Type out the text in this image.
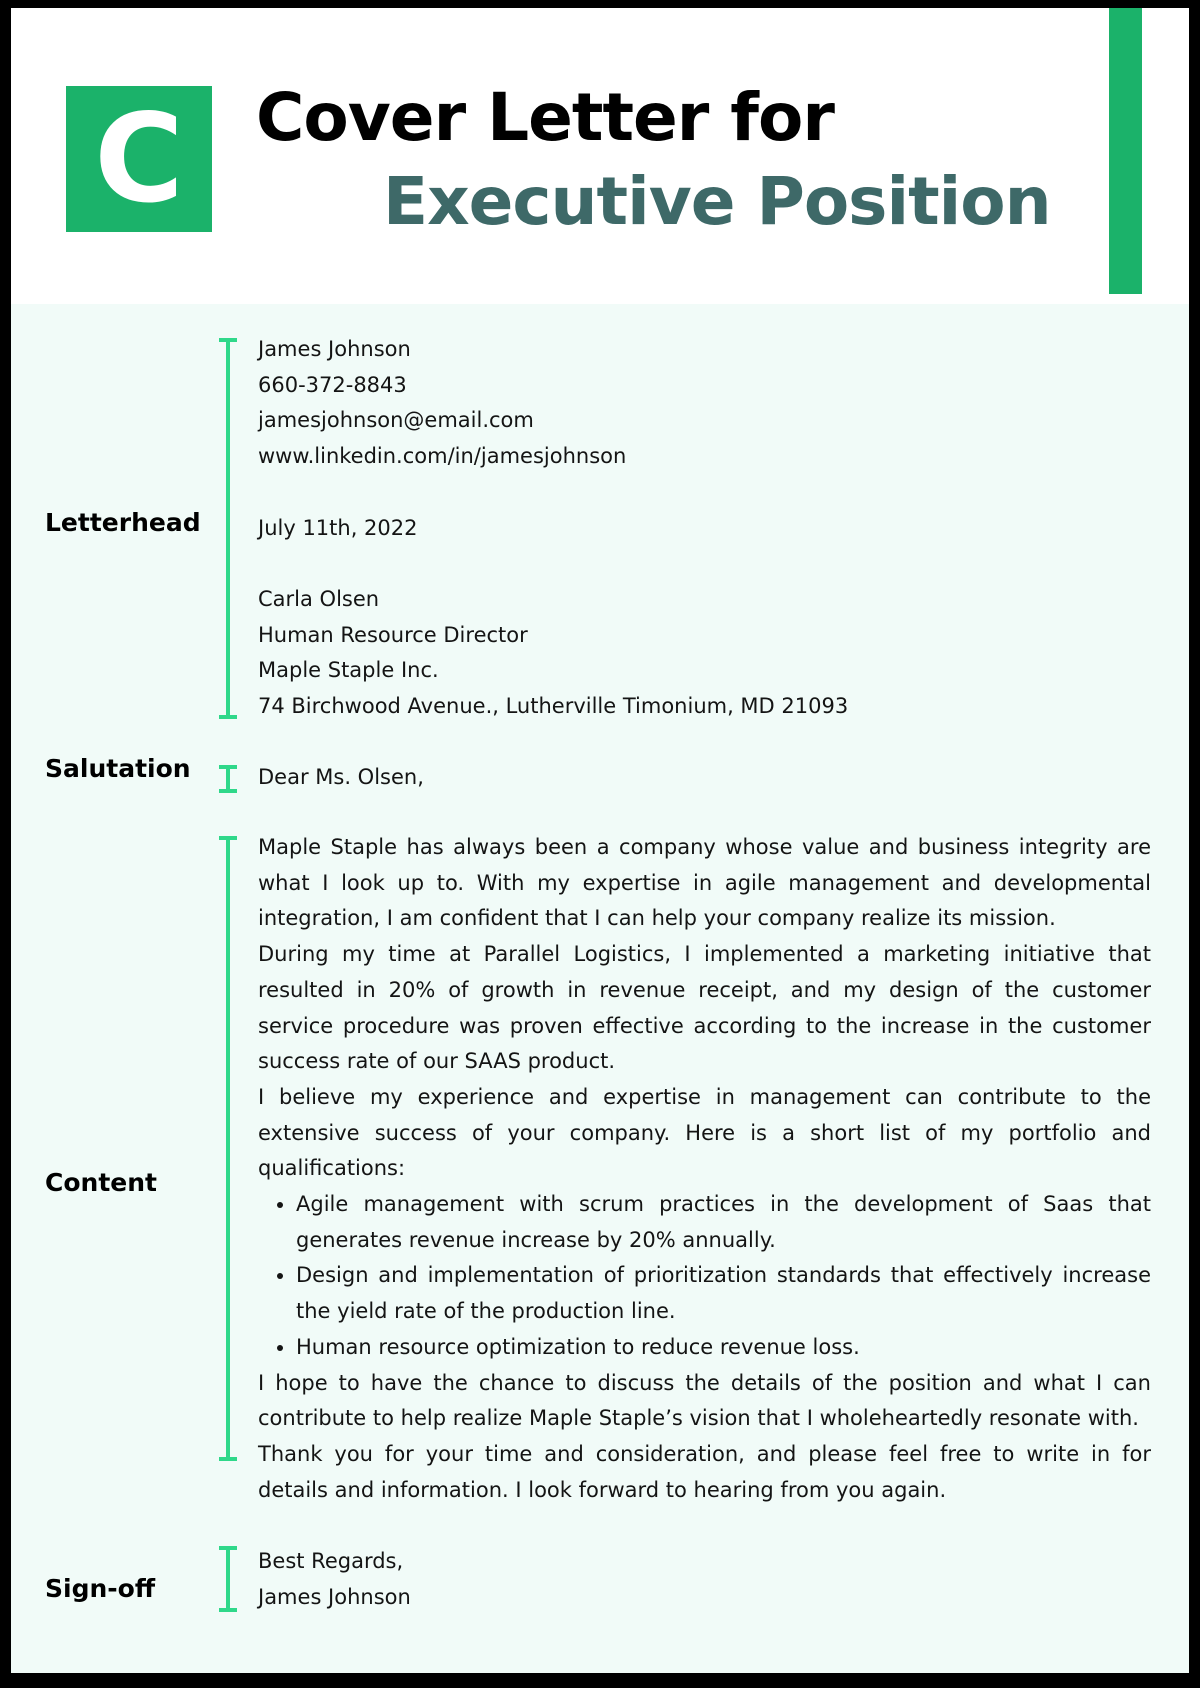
C	Cover Letter for
Executive Position
Letterhead
James Johnson
660-372-8843
jamesjohnson@email.com
www.linkedin.com/in/jamesjohnson
July 11th, 2022
Carla Olsen
Human Resource Director
Maple Staple Inc.
74 Birchwood Avenue., Lutherville Timonium, MD 21093
Salutation	Dear Ms. Olsen,
Content

Maple Staple has always been a company whose value and business integrity are what I look up to. With my expertise in agile management and developmental integration, I am confident that I can help your company realize its mission.

During my time at Parallel Logistics, I implemented a marketing initiative that resulted in 20% of growth in revenue receipt, and my design of the customer service procedure was proven effective according to the increase in the customer success rate of our SAAS product.

I believe my experience and expertise in management can contribute to the extensive success of your company. Here is a short list of my portfolio and qualifications:

• Agile management with scrum practices in the development of Saas that generates revenue increase by 20% annually.
• Design and implementation of prioritization standards that effectively increase the yield rate of the production line.
• Human resource optimization to reduce revenue loss.

I hope to have the chance to discuss the details of the position and what I can contribute to help realize Maple Staple’s vision that I wholeheartedly resonate with.

Thank you for your time and consideration, and please feel free to write in for details and information. I look forward to hearing from you again.

Sign-off
Best Regards,
James Johnson
